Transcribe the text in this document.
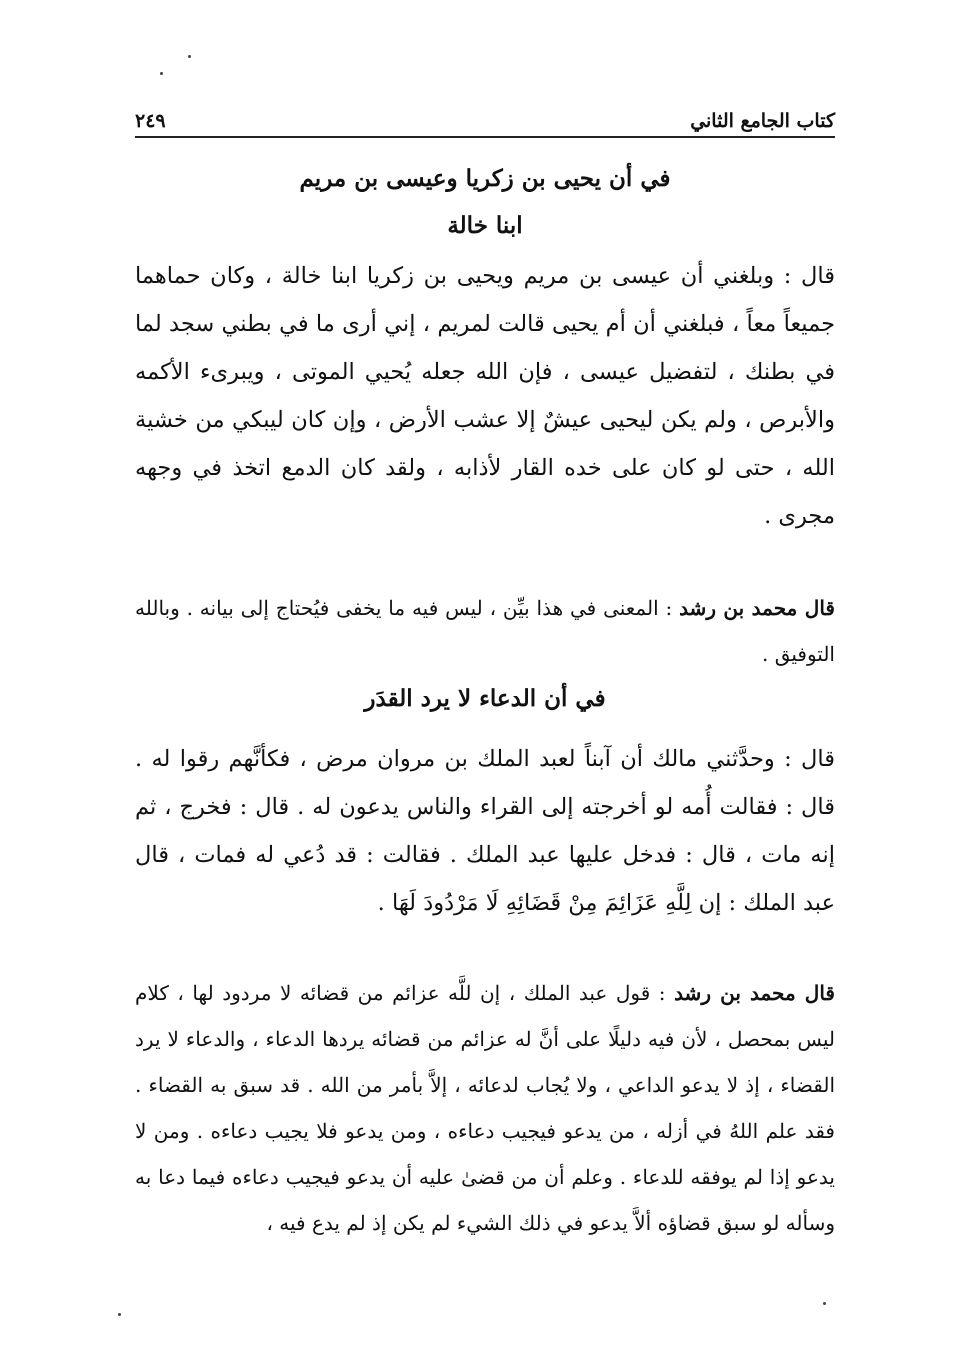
كتاب الجامع الثاني
٢٤٩
في أن يحيى بن زكريا وعيسى بن مريم
ابنا خالة
قال : وبلغني أن عيسى بن مريم ويحيى بن زكريا ابنا خالة ، وكان حماهما جميعاً معاً ، فبلغني أن أم يحيى قالت لمريم ، إني أرى ما في بطني سجد لما في بطنك ، لتفضيل عيسى ، فإن الله جعله يُحيي الموتى ، ويبرىء الأكمه والأبرص ، ولم يكن ليحيى عيشٌ إلا عشب الأرض ، وإن كان ليبكي من خشية الله ، حتى لو كان على خده القار لأذابه ، ولقد كان الدمع اتخذ في وجهه مجرى .
قال محمد بن رشد : المعنى في هذا بيِّن ، ليس فيه ما يخفى فيُحتاج إلى بيانه . وبالله التوفيق .
في أن الدعاء لا يرد القدَر
قال : وحدَّثني مالك أن آبناً لعبد الملك بن مروان مرض ، فكأنَّهم رقوا له . قال : فقالت أُمه لو أخرجته إلى القراء والناس يدعون له . قال : فخرج ، ثم إنه مات ، قال : فدخل عليها عبد الملك . فقالت : قد دُعي له فمات ، قال عبد الملك : إن لِلَّهِ عَزَائِمَ مِنْ قَضَائِهِ لَا مَرْدُودَ لَهَا .
قال محمد بن رشد : قول عبد الملك ، إن للَّه عزائم من قضائه لا مردود لها ، كلام ليس بمحصل ، لأن فيه دليلًا على أنَّ له عزائم من قضائه يردها الدعاء ، والدعاء لا يرد القضاء ، إذ لا يدعو الداعي ، ولا يُجاب لدعائه ، إلاَّ بأمر من الله . قد سبق به القضاء . فقد علم اللهُ في أزله ، من يدعو فيجيب دعاءه ، ومن يدعو فلا يجيب دعاءه . ومن لا يدعو إذا لم يوفقه للدعاء . وعلم أن من قضىٰ عليه أن يدعو فيجيب دعاءه فيما دعا به وسأله لو سبق قضاؤه ألاَّ يدعو في ذلك الشيء لم يكن إذ لم يدع فيه ،
